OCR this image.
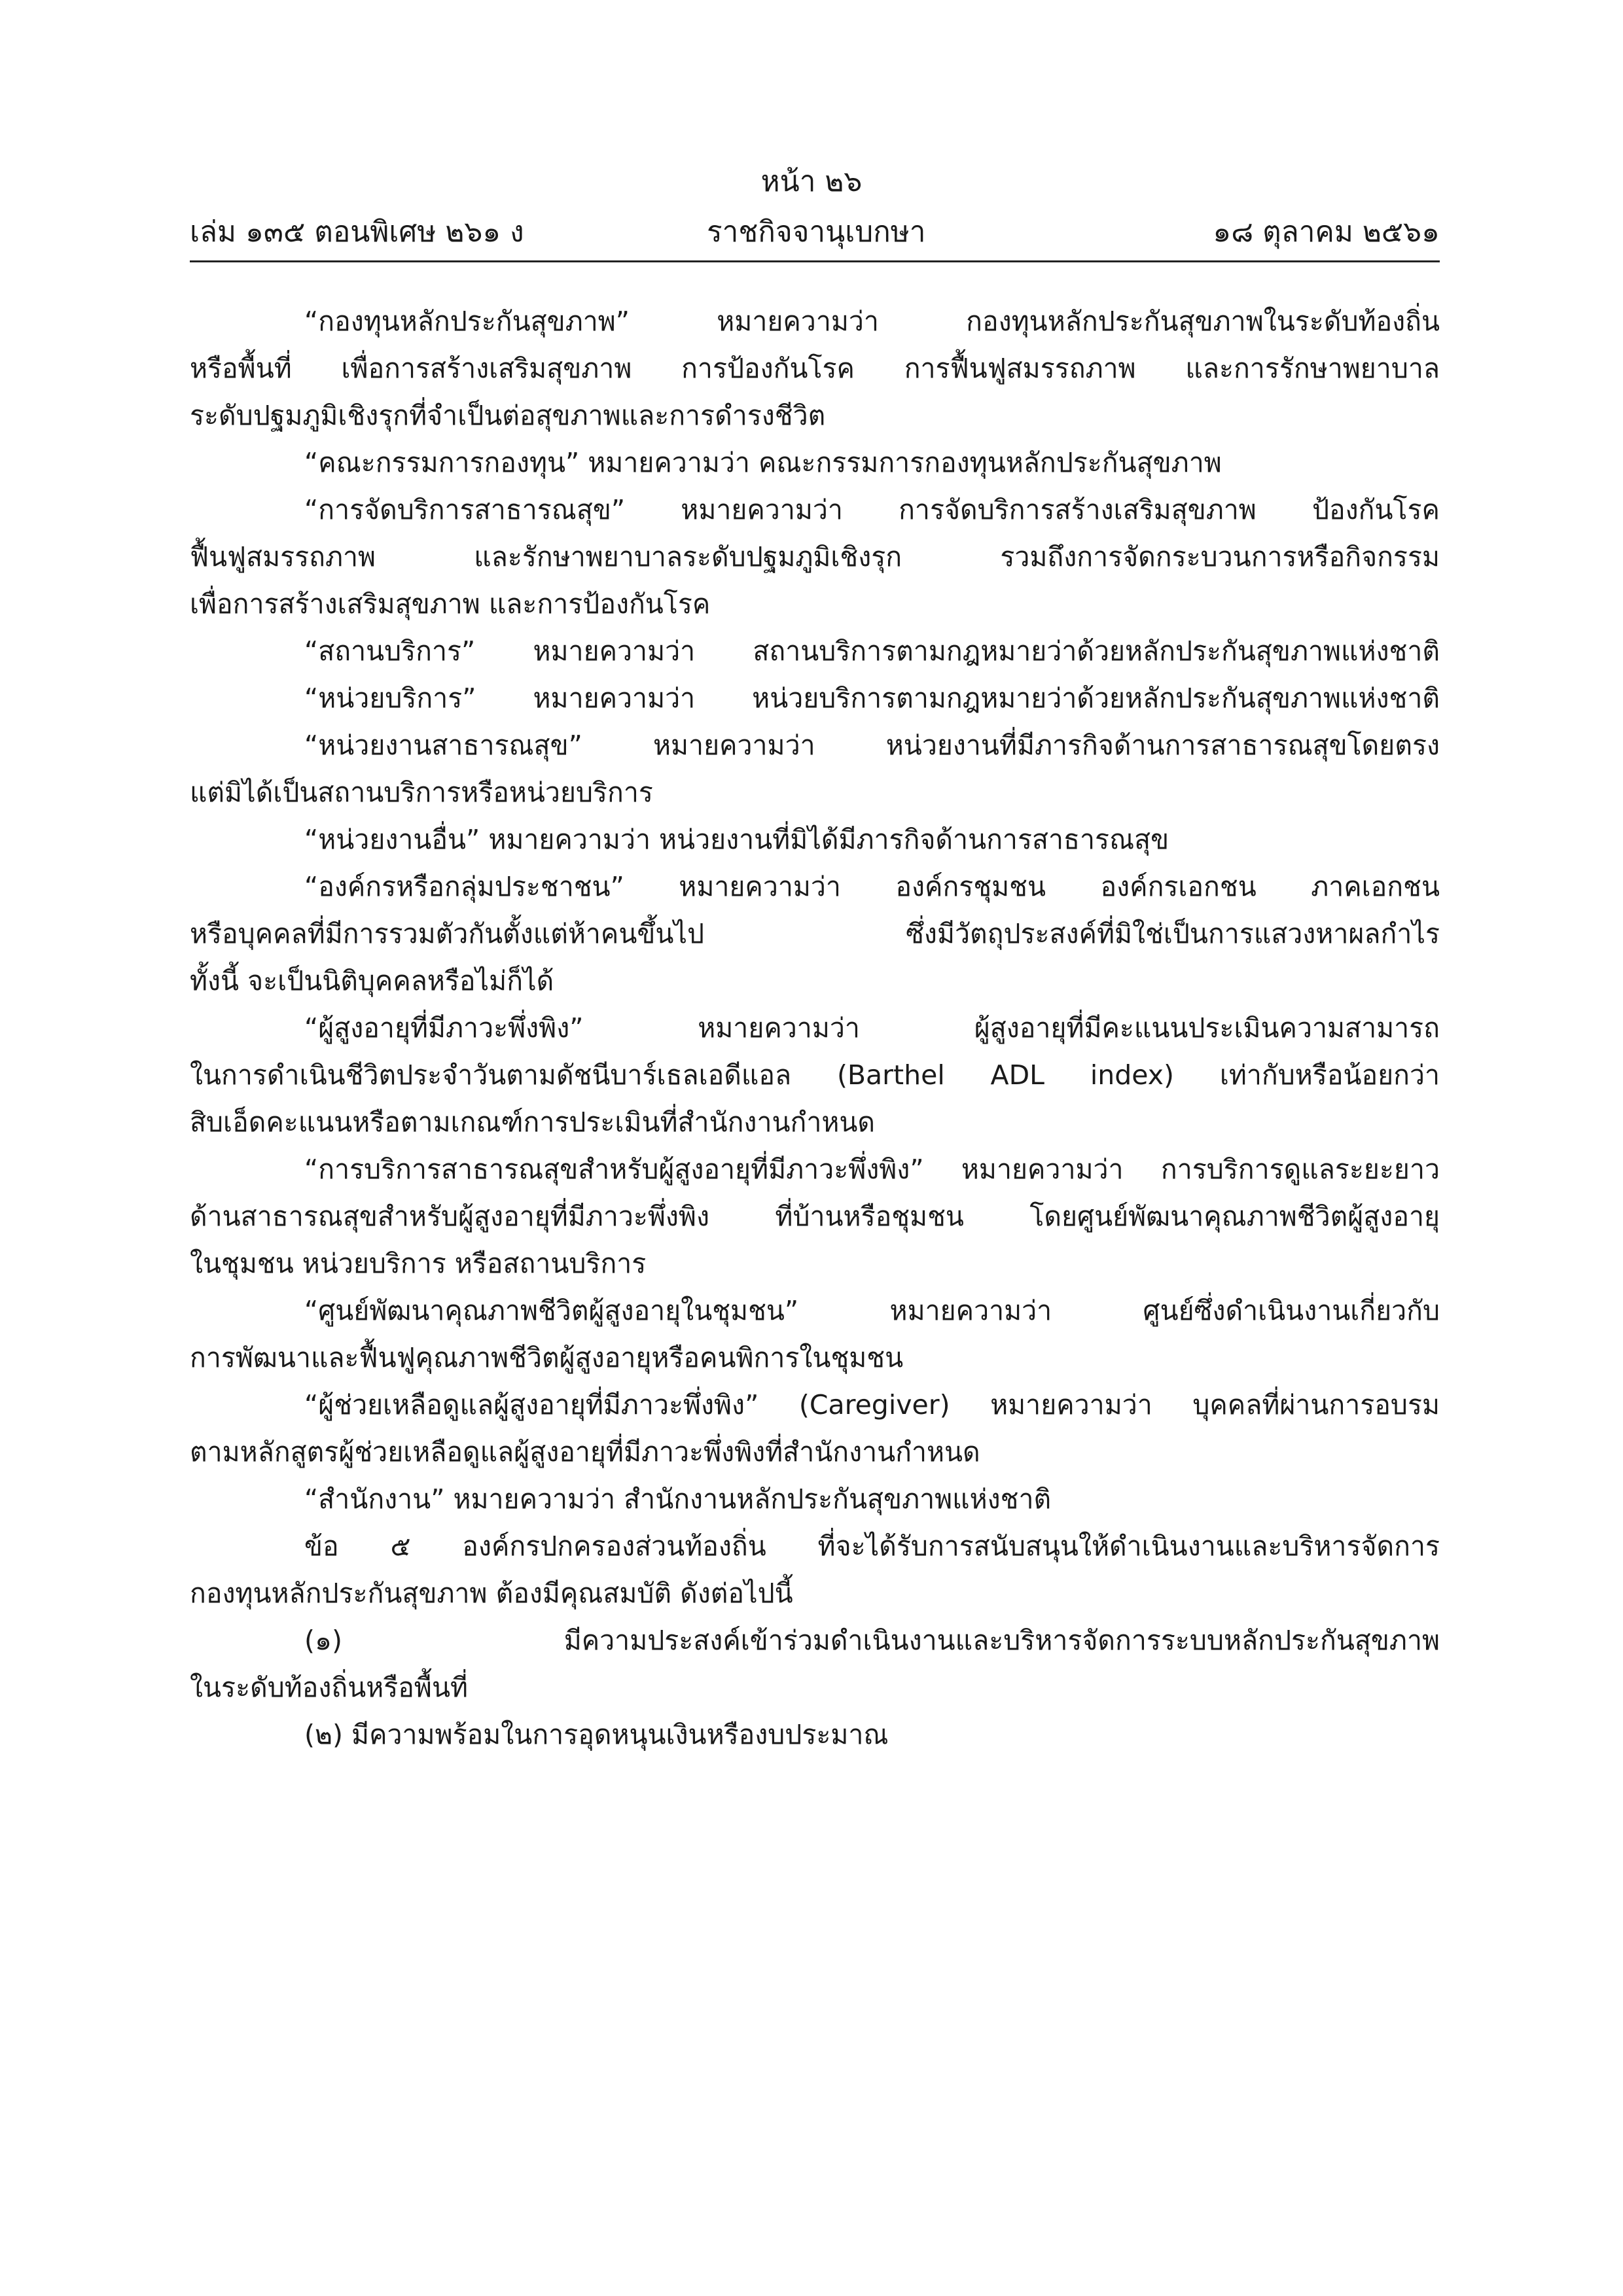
หน้า ๒๖
เล่ม ๑๓๕ ตอนพิเศษ ๒๖๑ ง	ราชกิจจานุเบกษา	๑๘ ตุลาคม ๒๕๖๑
“กองทุนหลักประกันสุขภาพ” หมายความว่า กองทุนหลักประกันสุขภาพในระดับท้องถิ่น
หรือพื้นที่ เพื่อการสร้างเสริมสุขภาพ การป้องกันโรค การฟื้นฟูสมรรถภาพ และการรักษาพยาบาล
ระดับปฐมภูมิเชิงรุกที่จำเป็นต่อสุขภาพและการดำรงชีวิต
“คณะกรรมการกองทุน” หมายความว่า คณะกรรมการกองทุนหลักประกันสุขภาพ
“การจัดบริการสาธารณสุข” หมายความว่า การจัดบริการสร้างเสริมสุขภาพ ป้องกันโรค
ฟื้นฟูสมรรถภาพ และรักษาพยาบาลระดับปฐมภูมิเชิงรุก รวมถึงการจัดกระบวนการหรือกิจกรรม
เพื่อการสร้างเสริมสุขภาพ และการป้องกันโรค
“สถานบริการ” หมายความว่า สถานบริการตามกฎหมายว่าด้วยหลักประกันสุขภาพแห่งชาติ
“หน่วยบริการ” หมายความว่า หน่วยบริการตามกฎหมายว่าด้วยหลักประกันสุขภาพแห่งชาติ
“หน่วยงานสาธารณสุข” หมายความว่า หน่วยงานที่มีภารกิจด้านการสาธารณสุขโดยตรง
แต่มิได้เป็นสถานบริการหรือหน่วยบริการ
“หน่วยงานอื่น” หมายความว่า หน่วยงานที่มิได้มีภารกิจด้านการสาธารณสุข
“องค์กรหรือกลุ่มประชาชน” หมายความว่า องค์กรชุมชน องค์กรเอกชน ภาคเอกชน
หรือบุคคลที่มีการรวมตัวกันตั้งแต่ห้าคนขึ้นไป ซึ่งมีวัตถุประสงค์ที่มิใช่เป็นการแสวงหาผลกำไร
ทั้งนี้ จะเป็นนิติบุคคลหรือไม่ก็ได้
“ผู้สูงอายุที่มีภาวะพึ่งพิง” หมายความว่า ผู้สูงอายุที่มีคะแนนประเมินความสามารถ
ในการดำเนินชีวิตประจำวันตามดัชนีบาร์เธลเอดีแอล (Barthel ADL index) เท่ากับหรือน้อยกว่า
สิบเอ็ดคะแนนหรือตามเกณฑ์การประเมินที่สำนักงานกำหนด
“การบริการสาธารณสุขสำหรับผู้สูงอายุที่มีภาวะพึ่งพิง” หมายความว่า การบริการดูแลระยะยาว
ด้านสาธารณสุขสำหรับผู้สูงอายุที่มีภาวะพึ่งพิง ที่บ้านหรือชุมชน โดยศูนย์พัฒนาคุณภาพชีวิตผู้สูงอายุ
ในชุมชน หน่วยบริการ หรือสถานบริการ
“ศูนย์พัฒนาคุณภาพชีวิตผู้สูงอายุในชุมชน” หมายความว่า ศูนย์ซึ่งดำเนินงานเกี่ยวกับ
การพัฒนาและฟื้นฟูคุณภาพชีวิตผู้สูงอายุหรือคนพิการในชุมชน
“ผู้ช่วยเหลือดูแลผู้สูงอายุที่มีภาวะพึ่งพิง” (Caregiver) หมายความว่า บุคคลที่ผ่านการอบรม
ตามหลักสูตรผู้ช่วยเหลือดูแลผู้สูงอายุที่มีภาวะพึ่งพิงที่สำนักงานกำหนด
“สำนักงาน” หมายความว่า สำนักงานหลักประกันสุขภาพแห่งชาติ
ข้อ ๕ องค์กรปกครองส่วนท้องถิ่น ที่จะได้รับการสนับสนุนให้ดำเนินงานและบริหารจัดการ
กองทุนหลักประกันสุขภาพ ต้องมีคุณสมบัติ ดังต่อไปนี้
(๑) มีความประสงค์เข้าร่วมดำเนินงานและบริหารจัดการระบบหลักประกันสุขภาพ
ในระดับท้องถิ่นหรือพื้นที่
(๒) มีความพร้อมในการอุดหนุนเงินหรืองบประมาณ
